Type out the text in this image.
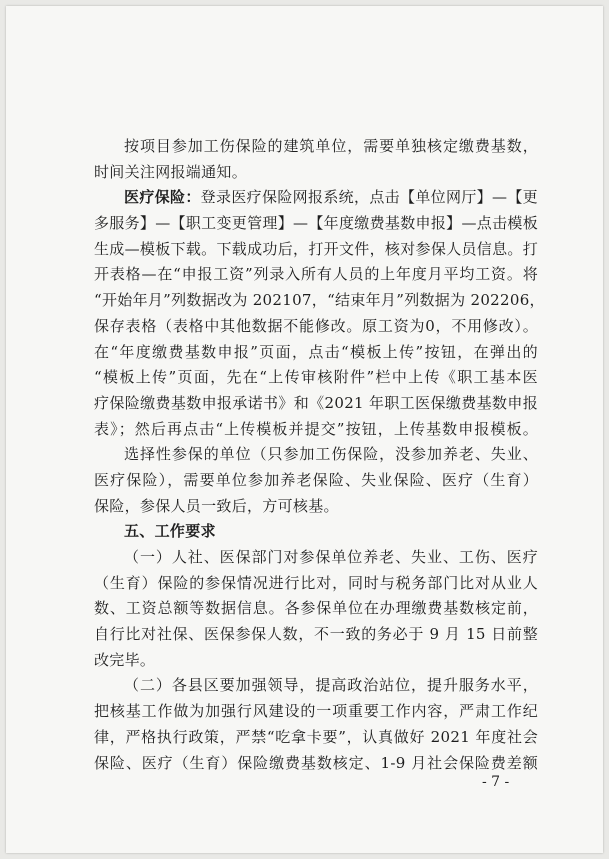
按项目参加工伤保险的建筑单位，需要单独核定缴费基数，
时间关注网报端通知。
医疗保险：登录医疗保险网报系统，点击【单位网厅】—【更
多服务】—【职工变更管理】—【年度缴费基数申报】—点击模板
生成—模板下载。下载成功后，打开文件，核对参保人员信息。打
开表格—在“申报工资”列录入所有人员的上年度月平均工资。将
“开始年月”列数据改为 202107，“结束年月”列数据为 202206，
保存表格（表格中其他数据不能修改。原工资为0，不用修改）。
在“年度缴费基数申报”页面，点击“模板上传”按钮，在弹出的
“模板上传”页面，先在“上传审核附件”栏中上传《职工基本医
疗保险缴费基数申报承诺书》和《2021 年职工医保缴费基数申报
表》；然后再点击“上传模板并提交”按钮，上传基数申报模板。
选择性参保的单位（只参加工伤保险，没参加养老、失业、
医疗保险），需要单位参加养老保险、失业保险、医疗（生育）
保险，参保人员一致后，方可核基。
五、工作要求
（一）人社、医保部门对参保单位养老、失业、工伤、医疗
（生育）保险的参保情况进行比对，同时与税务部门比对从业人
数、工资总额等数据信息。各参保单位在办理缴费基数核定前，
自行比对社保、医保参保人数，不一致的务必于 9 月 15 日前整
改完毕。
（二）各县区要加强领导，提高政治站位，提升服务水平，
把核基工作做为加强行风建设的一项重要工作内容，严肃工作纪
律，严格执行政策，严禁“吃拿卡要”，认真做好 2021 年度社会
保险、医疗（生育）保险缴费基数核定、1-9 月社会保险费差额
- 7 -
